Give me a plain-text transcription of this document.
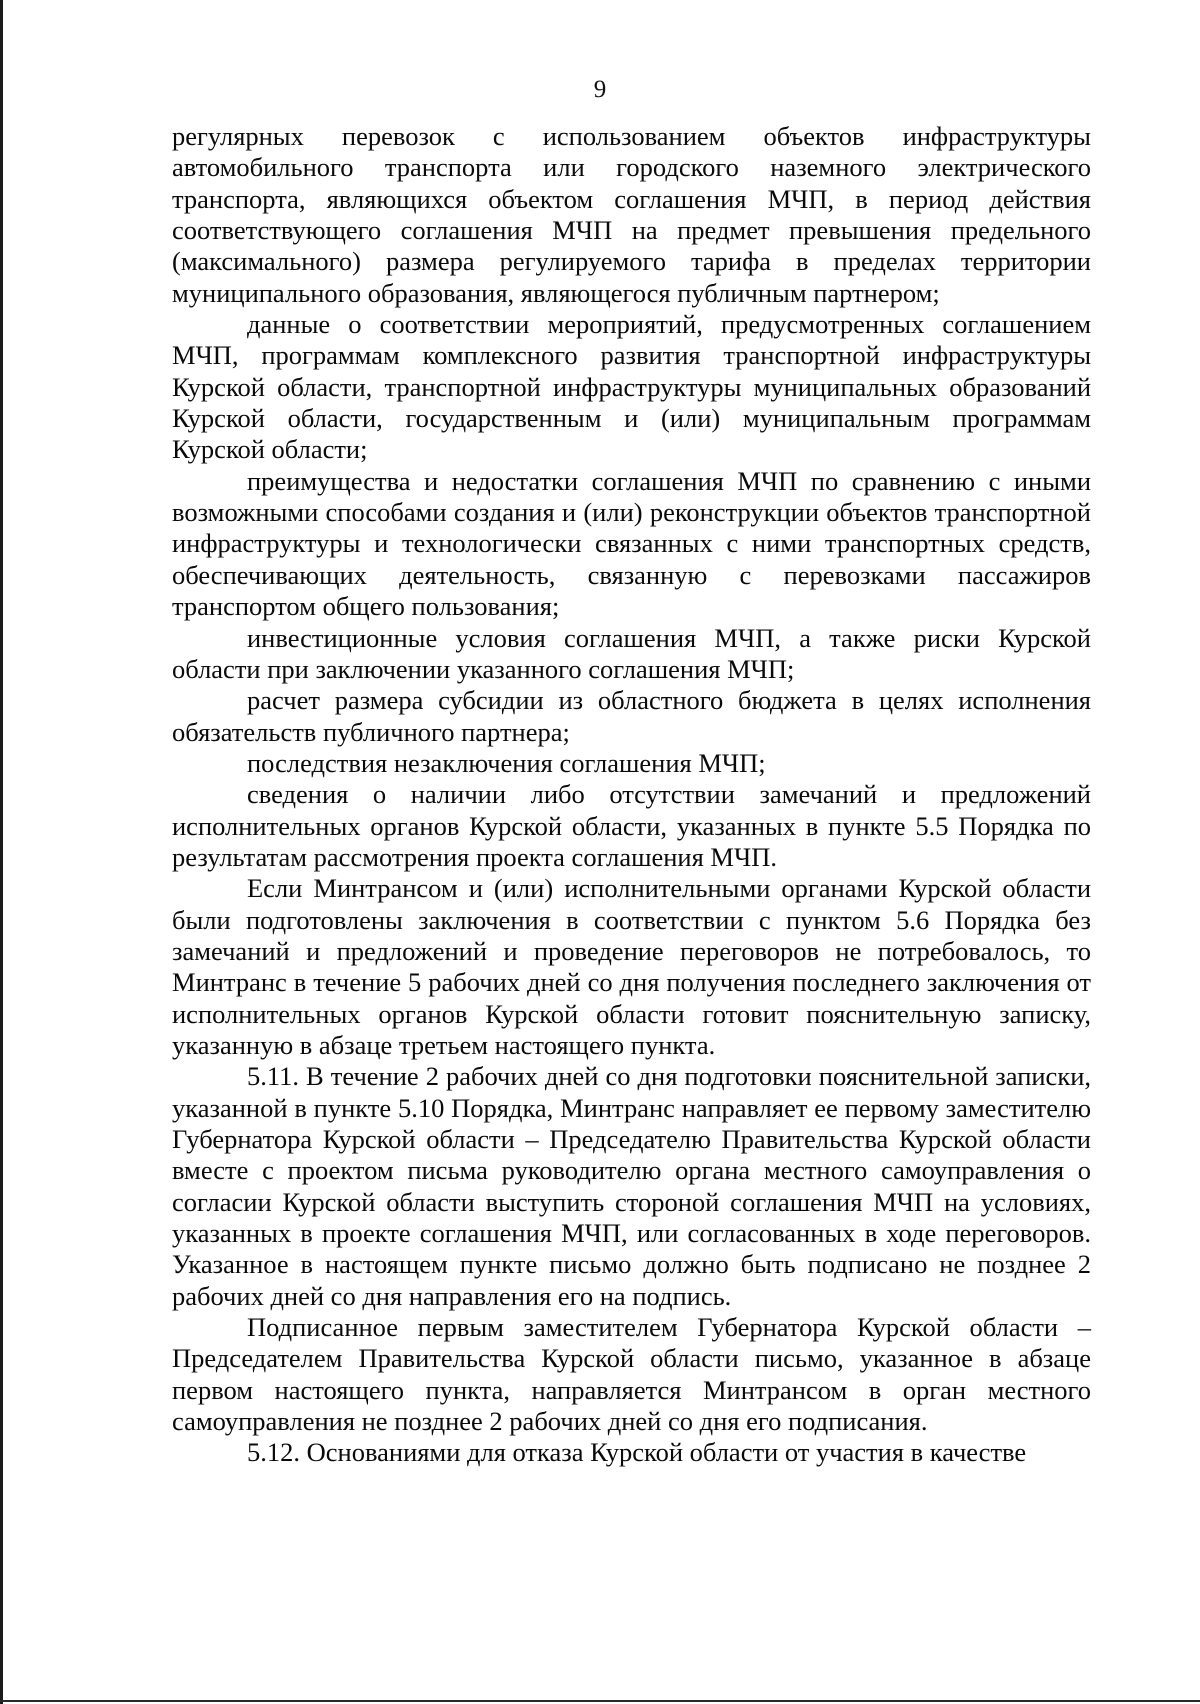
9

регулярных перевозок с использованием объектов инфраструктуры автомобильного транспорта или городского наземного электрического транспорта, являющихся объектом соглашения МЧП, в период действия соответствующего соглашения МЧП на предмет превышения предельного (максимального) размера регулируемого тарифа в пределах территории муниципального образования, являющегося публичным партнером;

данные о соответствии мероприятий, предусмотренных соглашением МЧП, программам комплексного развития транспортной инфраструктуры Курской области, транспортной инфраструктуры муниципальных образований Курской области, государственным и (или) муниципальным программам Курской области;

преимущества и недостатки соглашения МЧП по сравнению с иными возможными способами создания и (или) реконструкции объектов транспортной инфраструктуры и технологически связанных с ними транспортных средств, обеспечивающих деятельность, связанную с перевозками пассажиров транспортом общего пользования;

инвестиционные условия соглашения МЧП, а также риски Курской области при заключении указанного соглашения МЧП;

расчет размера субсидии из областного бюджета в целях исполнения обязательств публичного партнера;

последствия незаключения соглашения МЧП;

сведения о наличии либо отсутствии замечаний и предложений исполнительных органов Курской области, указанных в пункте 5.5 Порядка по результатам рассмотрения проекта соглашения МЧП.

Если Минтрансом и (или) исполнительными органами Курской области были подготовлены заключения в соответствии с пунктом 5.6 Порядка без замечаний и предложений и проведение переговоров не потребовалось, то Минтранс в течение 5 рабочих дней со дня получения последнего заключения от исполнительных органов Курской области готовит пояснительную записку, указанную в абзаце третьем настоящего пункта.

5.11. В течение 2 рабочих дней со дня подготовки пояснительной записки, указанной в пункте 5.10 Порядка, Минтранс направляет ее первому заместителю Губернатора Курской области – Председателю Правительства Курской области вместе с проектом письма руководителю органа местного самоуправления о согласии Курской области выступить стороной соглашения МЧП на условиях, указанных в проекте соглашения МЧП, или согласованных в ходе переговоров. Указанное в настоящем пункте письмо должно быть подписано не позднее 2 рабочих дней со дня направления его на подпись.

Подписанное первым заместителем Губернатора Курской области – Председателем Правительства Курской области письмо, указанное в абзаце первом настоящего пункта, направляется Минтрансом в орган местного самоуправления не позднее 2 рабочих дней со дня его подписания.

5.12. Основаниями для отказа Курской области от участия в качестве
